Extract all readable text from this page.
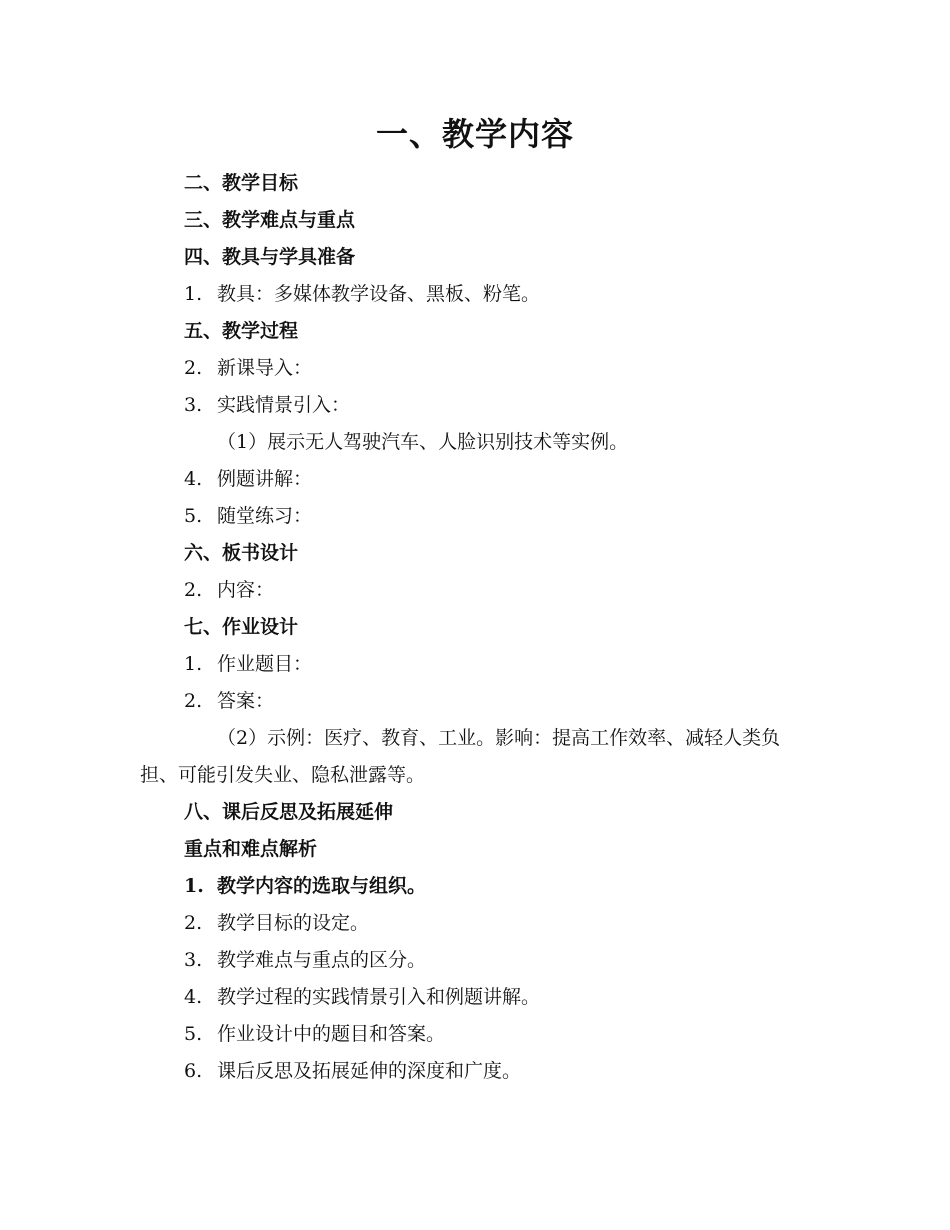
一、教学内容
二、教学目标
三、教学难点与重点
四、教具与学具准备
1. 教具：多媒体教学设备、黑板、粉笔。
五、教学过程
2. 新课导入：
3. 实践情景引入：
（1）展示无人驾驶汽车、人脸识别技术等实例。
4. 例题讲解：
5. 随堂练习：
六、板书设计
2. 内容：
七、作业设计
1. 作业题目：
2. 答案：
（2）示例：医疗、教育、工业。影响：提高工作效率、减轻人类负担、可能引发失业、隐私泄露等。
八、课后反思及拓展延伸
重点和难点解析
1. 教学内容的选取与组织。
2. 教学目标的设定。
3. 教学难点与重点的区分。
4. 教学过程的实践情景引入和例题讲解。
5. 作业设计中的题目和答案。
6. 课后反思及拓展延伸的深度和广度。
